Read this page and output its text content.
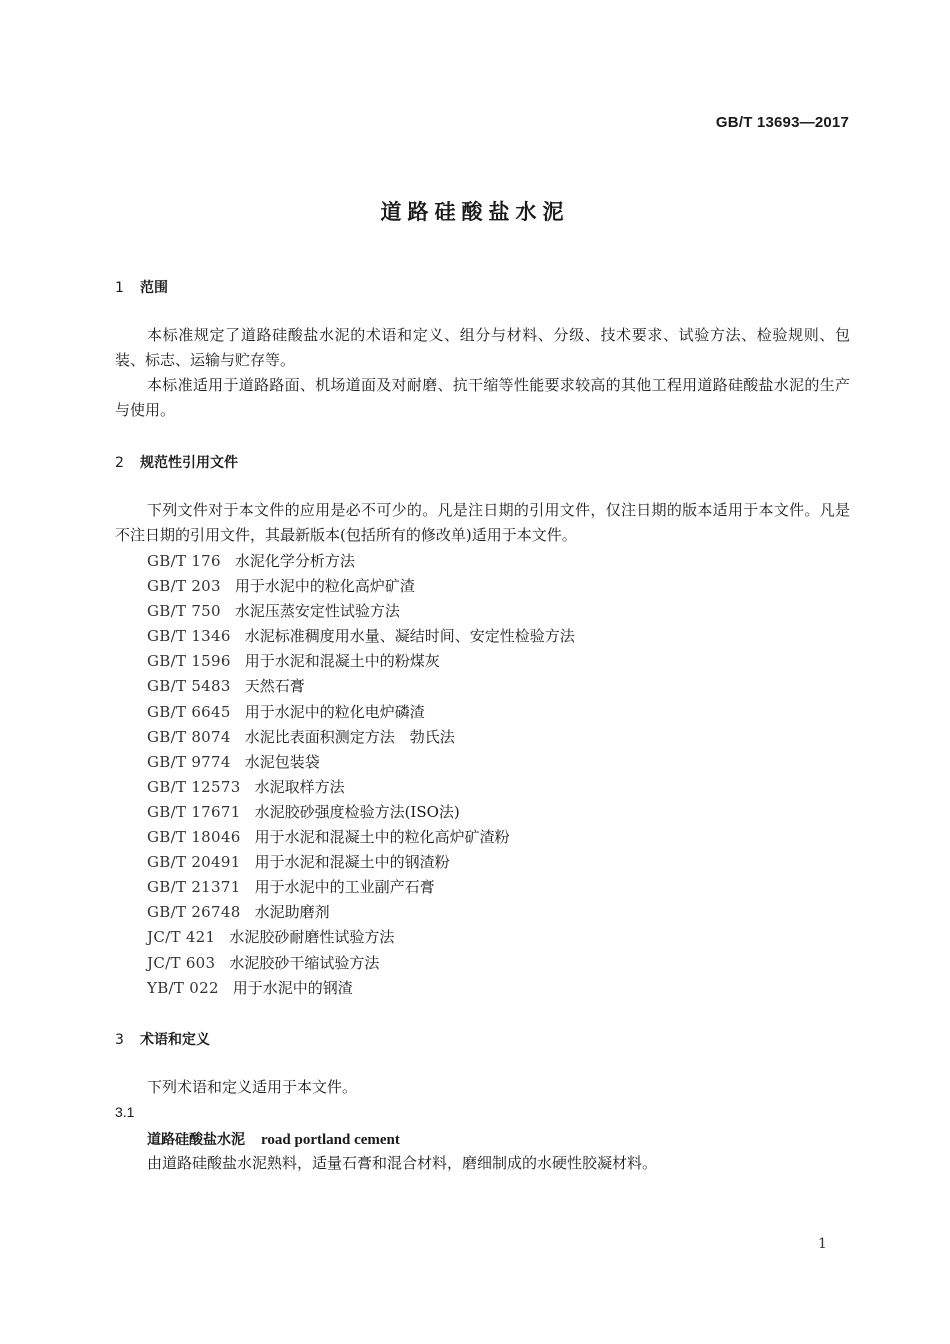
GB/T 13693—2017
道路硅酸盐水泥
1 范围

本标准规定了道路硅酸盐水泥的术语和定义、组分与材料、分级、技术要求、试验方法、检验规则、包装、标志、运输与贮存等。

本标准适用于道路路面、机场道面及对耐磨、抗干缩等性能要求较高的其他工程用道路硅酸盐水泥的生产与使用。

2 规范性引用文件

下列文件对于本文件的应用是必不可少的。凡是注日期的引用文件，仅注日期的版本适用于本文件。凡是不注日期的引用文件，其最新版本(包括所有的修改单)适用于本文件。

GB/T 176 水泥化学分析方法
GB/T 203 用于水泥中的粒化高炉矿渣
GB/T 750 水泥压蒸安定性试验方法
GB/T 1346 水泥标准稠度用水量、凝结时间、安定性检验方法
GB/T 1596 用于水泥和混凝土中的粉煤灰
GB/T 5483 天然石膏
GB/T 6645 用于水泥中的粒化电炉磷渣
GB/T 8074 水泥比表面积测定方法　勃氏法
GB/T 9774 水泥包装袋
GB/T 12573 水泥取样方法
GB/T 17671 水泥胶砂强度检验方法(ISO法)
GB/T 18046 用于水泥和混凝土中的粒化高炉矿渣粉
GB/T 20491 用于水泥和混凝土中的钢渣粉
GB/T 21371 用于水泥中的工业副产石膏
GB/T 26748 水泥助磨剂
JC/T 421 水泥胶砂耐磨性试验方法
JC/T 603 水泥胶砂干缩试验方法
YB/T 022 用于水泥中的钢渣
3 术语和定义

下列术语和定义适用于本文件。

3.1
道路硅酸盐水泥 road portland cement
由道路硅酸盐水泥熟料，适量石膏和混合材料，磨细制成的水硬性胶凝材料。
1
